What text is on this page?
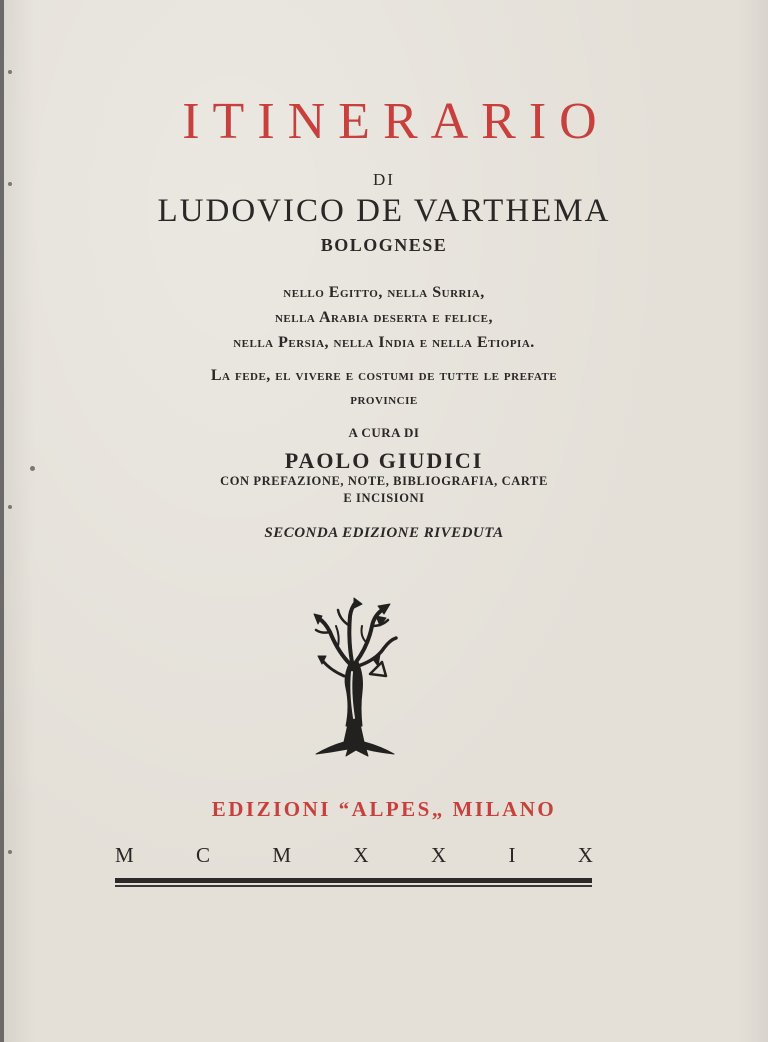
ITINERARIO
DI
LUDOVICO DE VARTHEMA
BOLOGNESE
nello Egitto, nella Surria,
nella Arabia deserta e felice,
nella Persia, nella India e nella Etiopia.
La fede, el vivere e costumi de tutte le prefate
provincie
A CURA DI
PAOLO GIUDICI
CON PREFAZIONE, NOTE, BIBLIOGRAFIA, CARTE
E INCISIONI
SECONDA EDIZIONE RIVEDUTA
EDIZIONI “ALPES„ MILANO
M	C	M	X	X	I	X
